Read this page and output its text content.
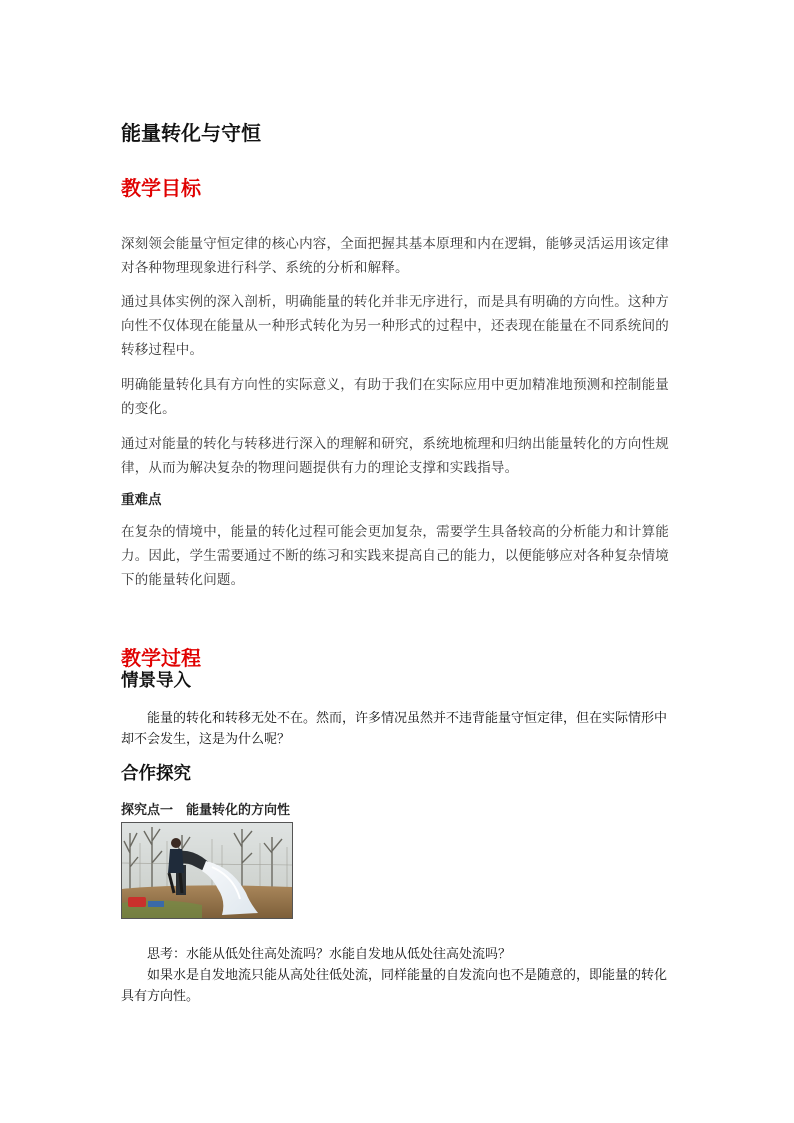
能量转化与守恒
教学目标

深刻领会能量守恒定律的核心内容，全面把握其基本原理和内在逻辑，能够灵活运用该定律对各种物理现象进行科学、系统的分析和解释。

通过具体实例的深入剖析，明确能量的转化并非无序进行，而是具有明确的方向性。这种方向性不仅体现在能量从一种形式转化为另一种形式的过程中，还表现在能量在不同系统间的转移过程中。

明确能量转化具有方向性的实际意义，有助于我们在实际应用中更加精准地预测和控制能量的变化。

通过对能量的转化与转移进行深入的理解和研究，系统地梳理和归纳出能量转化的方向性规律，从而为解决复杂的物理问题提供有力的理论支撑和实践指导。

重难点

在复杂的情境中，能量的转化过程可能会更加复杂，需要学生具备较高的分析能力和计算能力。因此，学生需要通过不断的练习和实践来提高自己的能力，以便能够应对各种复杂情境下的能量转化问题。

教学过程
情景导入

能量的转化和转移无处不在。然而，许多情况虽然并不违背能量守恒定律，但在实际情形中却不会发生，这是为什么呢？

合作探究
探究点一　能量转化的方向性

思考：水能从低处往高处流吗？水能自发地从低处往高处流吗？

如果水是自发地流只能从高处往低处流，同样能量的自发流向也不是随意的，即能量的转化具有方向性。
